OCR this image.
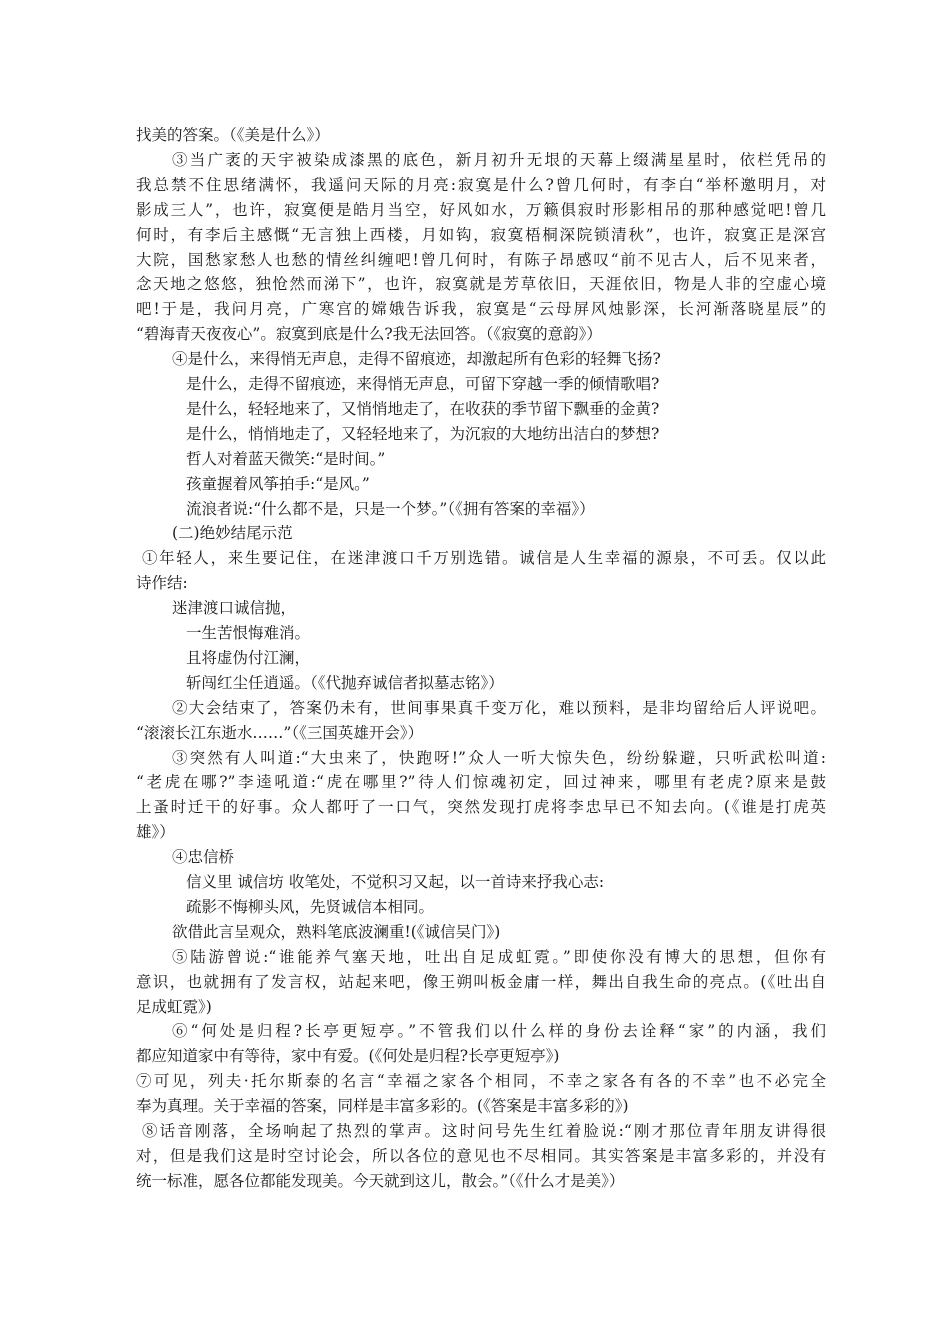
找美的答案。（《美是什么》）
③当广袤的天宇被染成漆黑的底色，新月初升无垠的天幕上缀满星星时，依栏凭吊的
我总禁不住思绪满怀，我遥问天际的月亮:寂寞是什么?曾几何时，有李白“举杯邀明月，对
影成三人”，也许，寂寞便是皓月当空，好风如水，万籁俱寂时形影相吊的那种感觉吧!曾几
何时，有李后主感慨“无言独上西楼，月如钩，寂寞梧桐深院锁清秋”，也许，寂寞正是深宫
大院，国愁家愁人也愁的情丝纠缠吧!曾几何时，有陈子昂感叹“前不见古人，后不见来者，
念天地之悠悠，独怆然而涕下”，也许，寂寞就是芳草依旧，天涯依旧，物是人非的空虚心境
吧!于是，我问月亮，广寒宫的嫦娥告诉我，寂寞是“云母屏风烛影深，长河渐落晓星辰”的
“碧海青天夜夜心”。寂寞到底是什么?我无法回答。（《寂寞的意韵》）
④是什么，来得悄无声息，走得不留痕迹，却激起所有色彩的轻舞飞扬?
是什么，走得不留痕迹，来得悄无声息，可留下穿越一季的倾情歌唱?
是什么，轻轻地来了，又悄悄地走了，在收获的季节留下飘垂的金黄?
是什么，悄悄地走了，又轻轻地来了，为沉寂的大地纺出洁白的梦想?
哲人对着蓝天微笑:“是时间。”
孩童握着风筝拍手:“是风。”
流浪者说:“什么都不是，只是一个梦。”（《拥有答案的幸福》）
(二)绝妙结尾示范
①年轻人，来生要记住，在迷津渡口千万别选错。诚信是人生幸福的源泉，不可丢。仅以此
诗作结:
迷津渡口诚信抛，
一生苦恨悔难消。
且将虚伪付江澜，
斩闯红尘任逍遥。（《代抛弃诚信者拟墓志铭》）
②大会结束了，答案仍未有，世间事果真千变万化，难以预料，是非均留给后人评说吧。
“滚滚长江东逝水……”（《三国英雄开会》）
③突然有人叫道:“大虫来了，快跑呀!”众人一听大惊失色，纷纷躲避，只听武松叫道:
“老虎在哪?”李逵吼道:“虎在哪里?”待人们惊魂初定，回过神来，哪里有老虎?原来是鼓
上蚤时迁干的好事。众人都吁了一口气，突然发现打虎将李忠早已不知去向。(《谁是打虎英
雄》）
④忠信桥
信义里 诚信坊 收笔处，不觉积习又起，以一首诗来抒我心志:
疏影不悔柳头风，先贤诚信本相同。
欲借此言呈观众，熟料笔底波澜重!(《诚信吴门》)
⑤陆游曾说:“谁能养气塞天地，吐出自足成虹霓。”即使你没有博大的思想，但你有
意识，也就拥有了发言权，站起来吧，像王朔叫板金庸一样，舞出自我生命的亮点。(《吐出自
足成虹霓》)
⑥“何处是归程?长亭更短亭。”不管我们以什么样的身份去诠释“家”的内涵，我们
都应知道家中有等待，家中有爱。(《何处是归程?长亭更短亭》)
⑦可见，列夫·托尔斯泰的名言“幸福之家各个相同，不幸之家各有各的不幸”也不必完全
奉为真理。关于幸福的答案，同样是丰富多彩的。(《答案是丰富多彩的》)
⑧话音刚落，全场响起了热烈的掌声。这时问号先生红着脸说:“刚才那位青年朋友讲得很
对，但是我们这是时空讨论会，所以各位的意见也不尽相同。其实答案是丰富多彩的，并没有
统一标准，愿各位都能发现美。今天就到这儿，散会。”（《什么才是美》）
